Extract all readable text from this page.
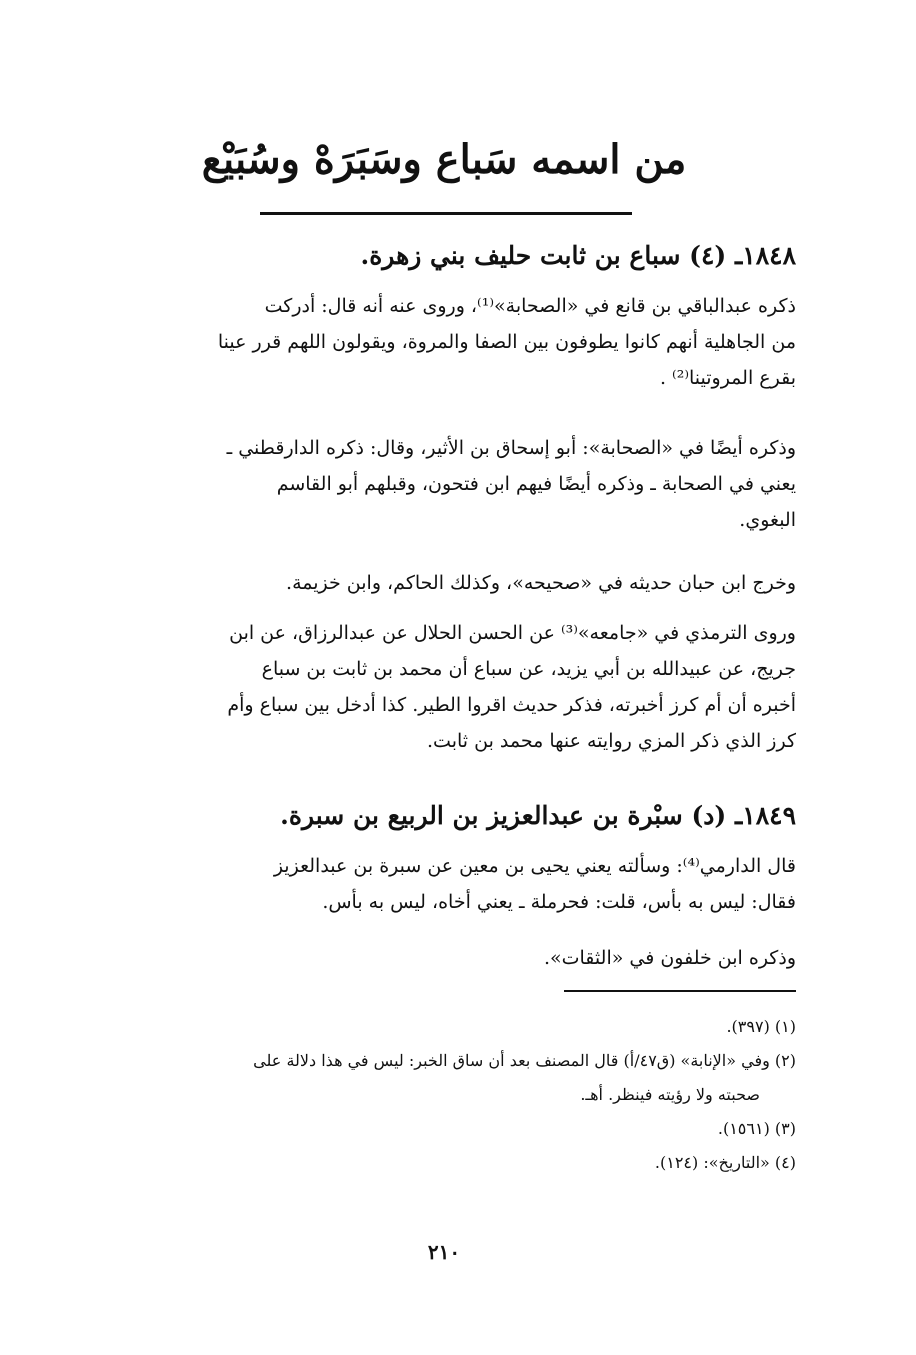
من اسمه سَباع وسَبَرَهْ وسُبَيْع
١٨٤٨ـ (٤) سباع بن ثابت حليف بني زهرة.
ذكره عبدالباقي بن قانع في «الصحابة»⁽¹⁾، وروى عنه أنه قال: أدركت
من الجاهلية أنهم كانوا يطوفون بين الصفا والمروة، ويقولون اللهم قرر عينا
بقرع المروتينا⁽²⁾ .
وذكره أيضًا في «الصحابة»: أبو إسحاق بن الأثير، وقال: ذكره الدارقطني ـ
يعني في الصحابة ـ وذكره أيضًا فيهم ابن فتحون، وقبلهم أبو القاسم
البغوي.
وخرج ابن حبان حديثه في «صحيحه»، وكذلك الحاكم، وابن خزيمة.
وروى الترمذي في «جامعه»⁽³⁾ عن الحسن الحلال عن عبدالرزاق، عن ابن
جريج، عن عبيدالله بن أبي يزيد، عن سباع أن محمد بن ثابت بن سباع
أخبره أن أم كرز أخبرته، فذكر حديث اقروا الطير. كذا أدخل بين سباع وأم
كرز الذي ذكر المزي روايته عنها محمد بن ثابت.
١٨٤٩ـ (د) سبْرة بن عبدالعزيز بن الربيع بن سبرة.
قال الدارمي⁽⁴⁾: وسألته يعني يحيى بن معين عن سبرة بن عبدالعزيز
فقال: ليس به بأس، قلت: فحرملة ـ يعني أخاه، ليس به بأس.
وذكره ابن خلفون في «الثقات».
(١) (٣٩٧).
(٢) وفي «الإنابة» (ق٤٧/أ) قال المصنف بعد أن ساق الخبر: ليس في هذا دلالة على
صحبته ولا رؤيته فينظر. أهـ.
(٣) (١٥٦١).
(٤) «التاريخ»: (١٢٤).
٢١٠
